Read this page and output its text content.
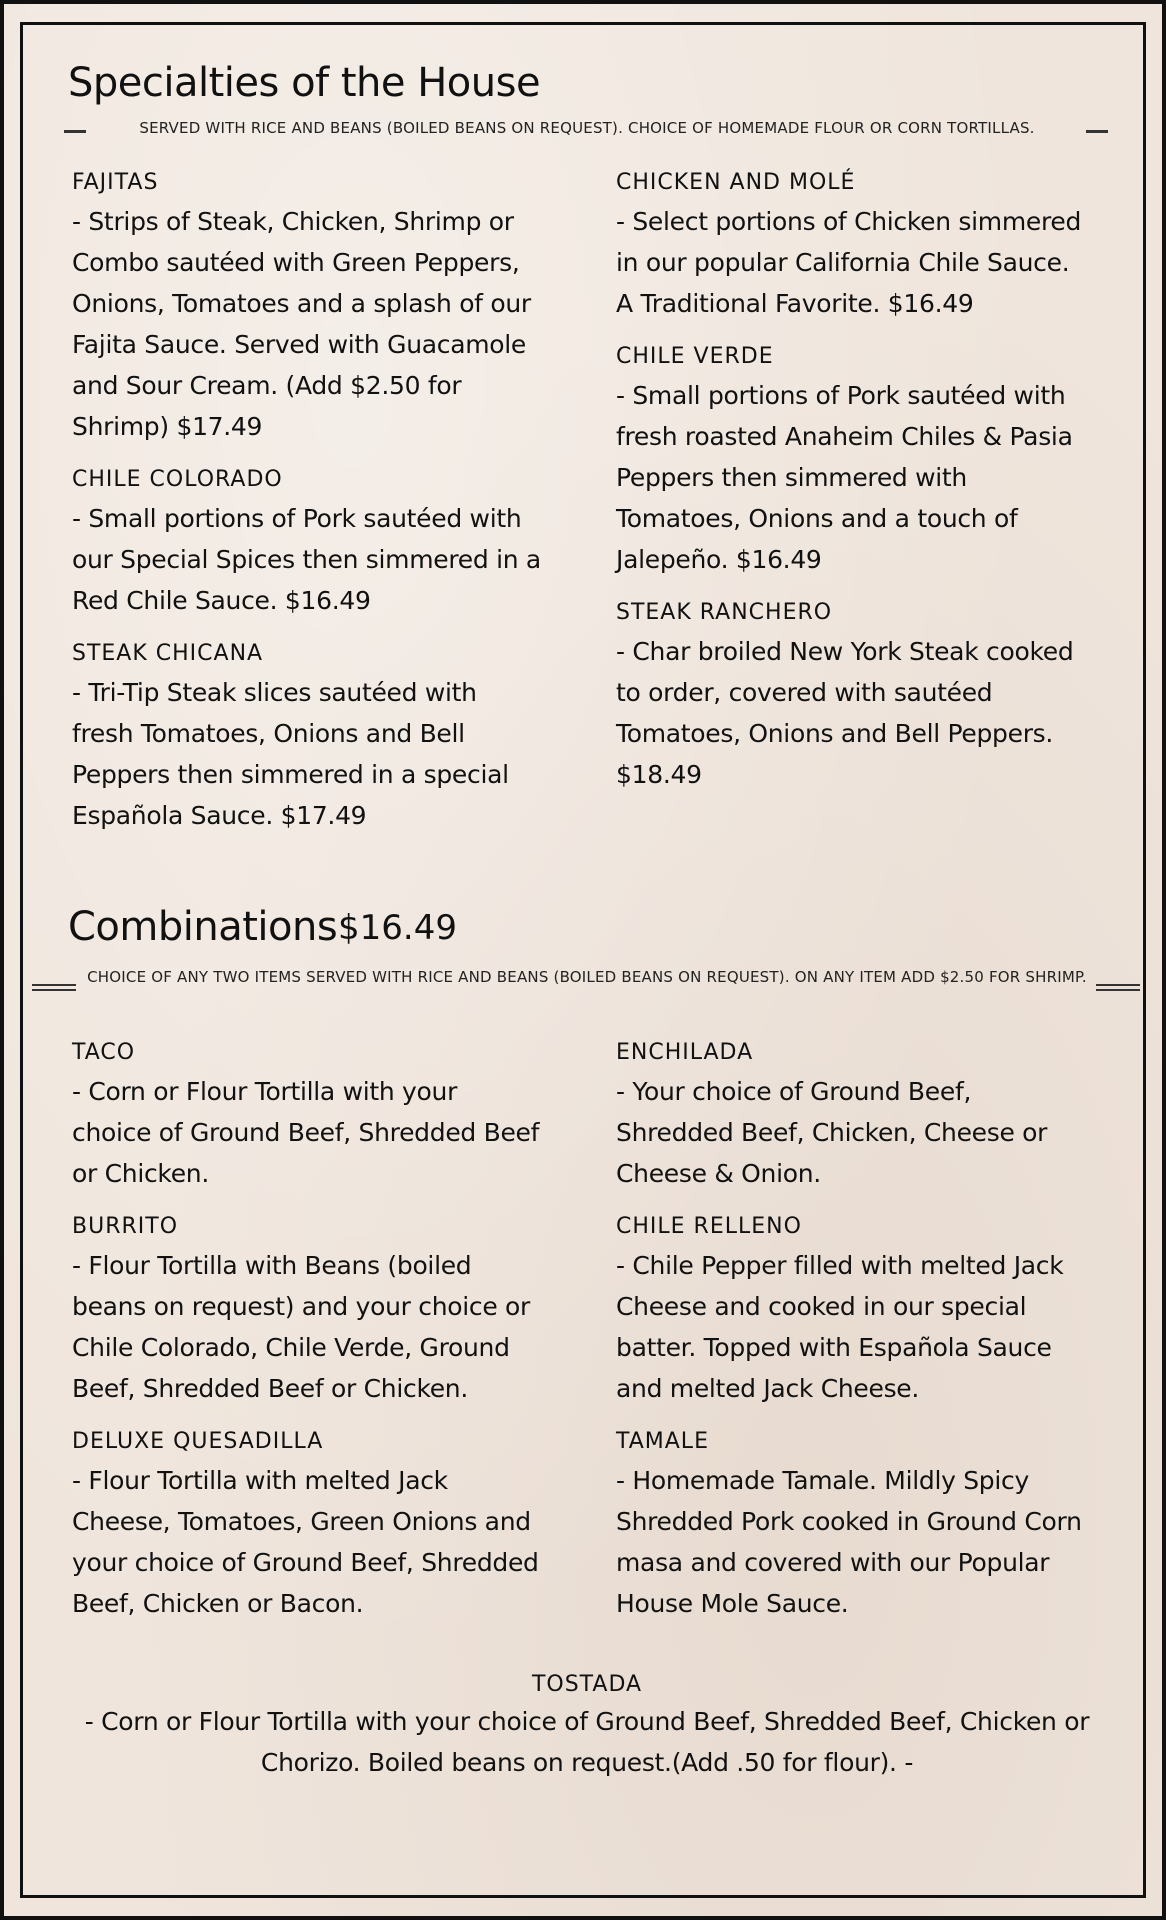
Specialties of the House
SERVED WITH RICE AND BEANS (BOILED BEANS ON REQUEST). CHOICE OF HOMEMADE FLOUR OR CORN TORTILLAS.
FAJITAS
- Strips of Steak, Chicken, Shrimp or Combo sautéed with Green Peppers, Onions, Tomatoes and a splash of our Fajita Sauce. Served with Guacamole and Sour Cream. (Add $2.50 for Shrimp) $17.49
CHILE COLORADO
- Small portions of Pork sautéed with our Special Spices then simmered in a Red Chile Sauce. $16.49
STEAK CHICANA
- Tri-Tip Steak slices sautéed with fresh Tomatoes, Onions and Bell Peppers then simmered in a special Española Sauce. $17.49
CHICKEN AND MOLÉ
- Select portions of Chicken simmered in our popular California Chile Sauce. A Traditional Favorite. $16.49
CHILE VERDE
- Small portions of Pork sautéed with fresh roasted Anaheim Chiles & Pasia Peppers then simmered with Tomatoes, Onions and a touch of Jalepeño. $16.49
STEAK RANCHERO
- Char broiled New York Steak cooked to order, covered with sautéed Tomatoes, Onions and Bell Peppers. $18.49
Combinations $16.49
CHOICE OF ANY TWO ITEMS SERVED WITH RICE AND BEANS (BOILED BEANS ON REQUEST). ON ANY ITEM ADD $2.50 FOR SHRIMP.
TACO
- Corn or Flour Tortilla with your choice of Ground Beef, Shredded Beef or Chicken.
BURRITO
- Flour Tortilla with Beans (boiled beans on request) and your choice or Chile Colorado, Chile Verde, Ground Beef, Shredded Beef or Chicken.
DELUXE QUESADILLA
- Flour Tortilla with melted Jack Cheese, Tomatoes, Green Onions and your choice of Ground Beef, Shredded Beef, Chicken or Bacon.
ENCHILADA
- Your choice of Ground Beef, Shredded Beef, Chicken, Cheese or Cheese & Onion.
CHILE RELLENO
- Chile Pepper filled with melted Jack Cheese and cooked in our special batter. Topped with Española Sauce and melted Jack Cheese.
TAMALE
- Homemade Tamale. Mildly Spicy Shredded Pork cooked in Ground Corn masa and covered with our Popular House Mole Sauce.
TOSTADA
- Corn or Flour Tortilla with your choice of Ground Beef, Shredded Beef, Chicken or Chorizo. Boiled beans on request.(Add .50 for flour). -
